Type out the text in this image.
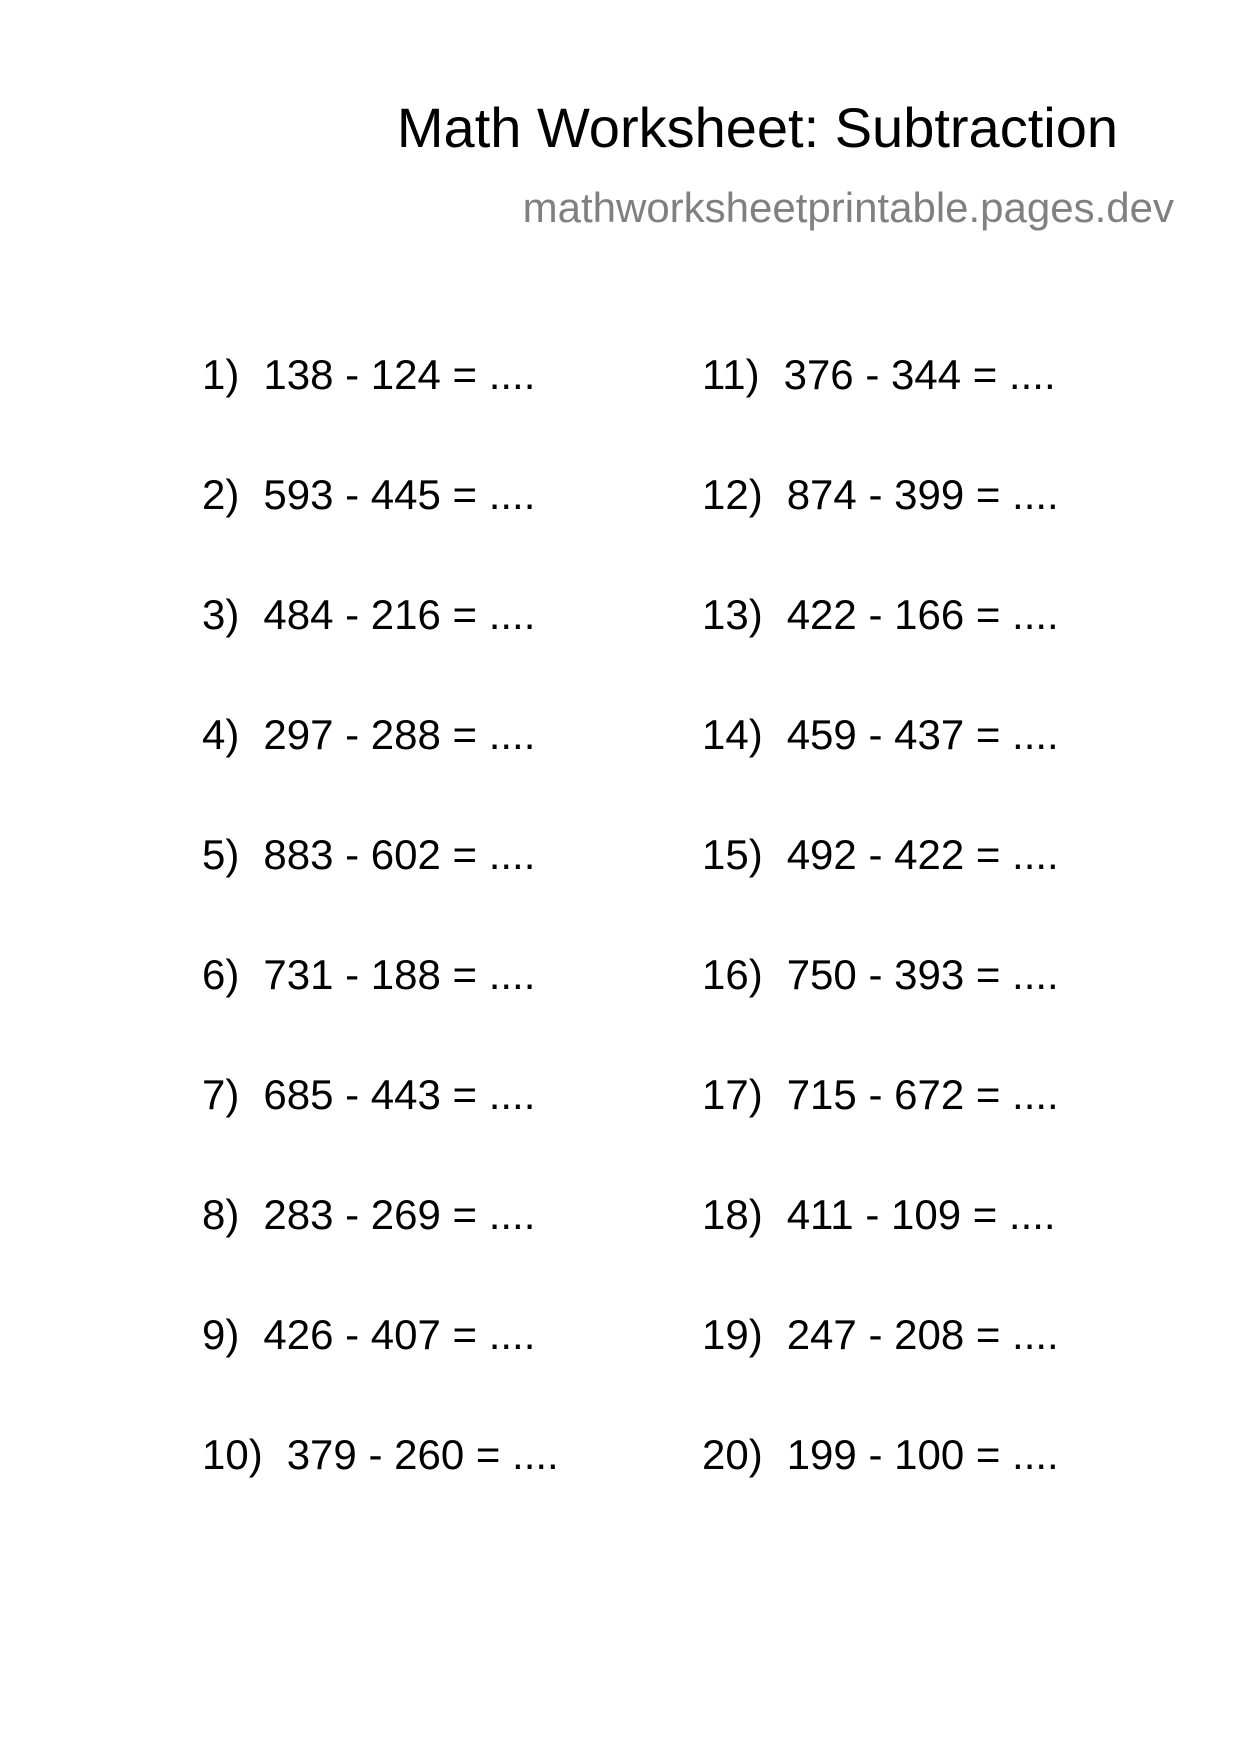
Math Worksheet: Subtraction
mathworksheetprintable.pages.dev
1) 138 - 124 = ....
2) 593 - 445 = ....
3) 484 - 216 = ....
4) 297 - 288 = ....
5) 883 - 602 = ....
6) 731 - 188 = ....
7) 685 - 443 = ....
8) 283 - 269 = ....
9) 426 - 407 = ....
10) 379 - 260 = ....
11) 376 - 344 = ....
12) 874 - 399 = ....
13) 422 - 166 = ....
14) 459 - 437 = ....
15) 492 - 422 = ....
16) 750 - 393 = ....
17) 715 - 672 = ....
18) 411 - 109 = ....
19) 247 - 208 = ....
20) 199 - 100 = ....
